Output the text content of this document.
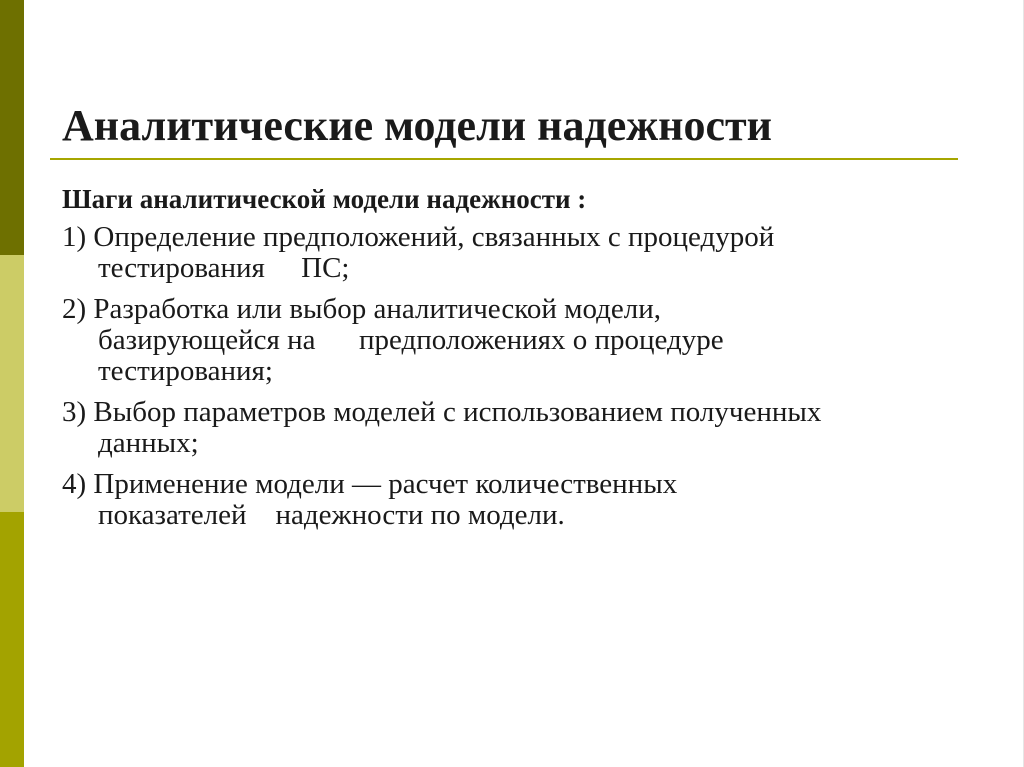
Аналитические модели надежности

Шаги аналитической модели надежности :

1) Определение предположений, связанных с процедурой
тестирования     ПС;
2) Разработка или выбор аналитической модели,
базирующейся на      предположениях о процедуре
тестирования;
3) Выбор параметров моделей с использованием полученных
данных;
4) Применение модели — расчет количественных
показателей    надежности по модели.
